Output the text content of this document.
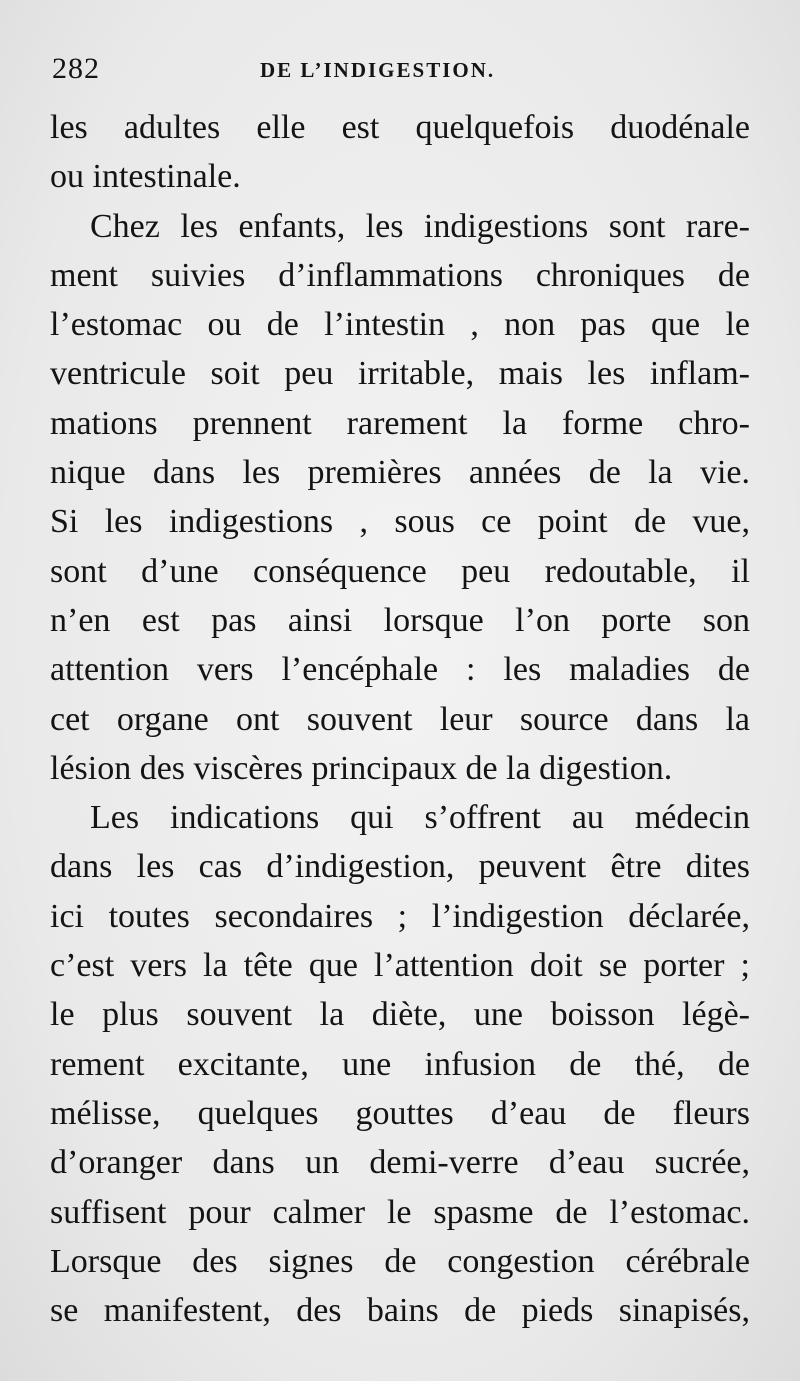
282	DE L’INDIGESTION.
les adultes elle est quelquefois duodénale
ou intestinale.
Chez les enfants, les indigestions sont rare-
ment suivies d’inflammations chroniques de
l’estomac ou de l’intestin , non pas que le
ventricule soit peu irritable, mais les inflam-
mations prennent rarement la forme chro-
nique dans les premières années de la vie.
Si les indigestions , sous ce point de vue,
sont d’une conséquence peu redoutable, il
n’en est pas ainsi lorsque l’on porte son
attention vers l’encéphale : les maladies de
cet organe ont souvent leur source dans la
lésion des viscères principaux de la digestion.
Les indications qui s’offrent au médecin
dans les cas d’indigestion, peuvent être dites
ici toutes secondaires ; l’indigestion déclarée,
c’est vers la tête que l’attention doit se porter ;
le plus souvent la diète, une boisson légè-
rement excitante, une infusion de thé, de
mélisse, quelques gouttes d’eau de fleurs
d’oranger dans un demi-verre d’eau sucrée,
suffisent pour calmer le spasme de l’estomac.
Lorsque des signes de congestion cérébrale
se manifestent, des bains de pieds sinapisés,
